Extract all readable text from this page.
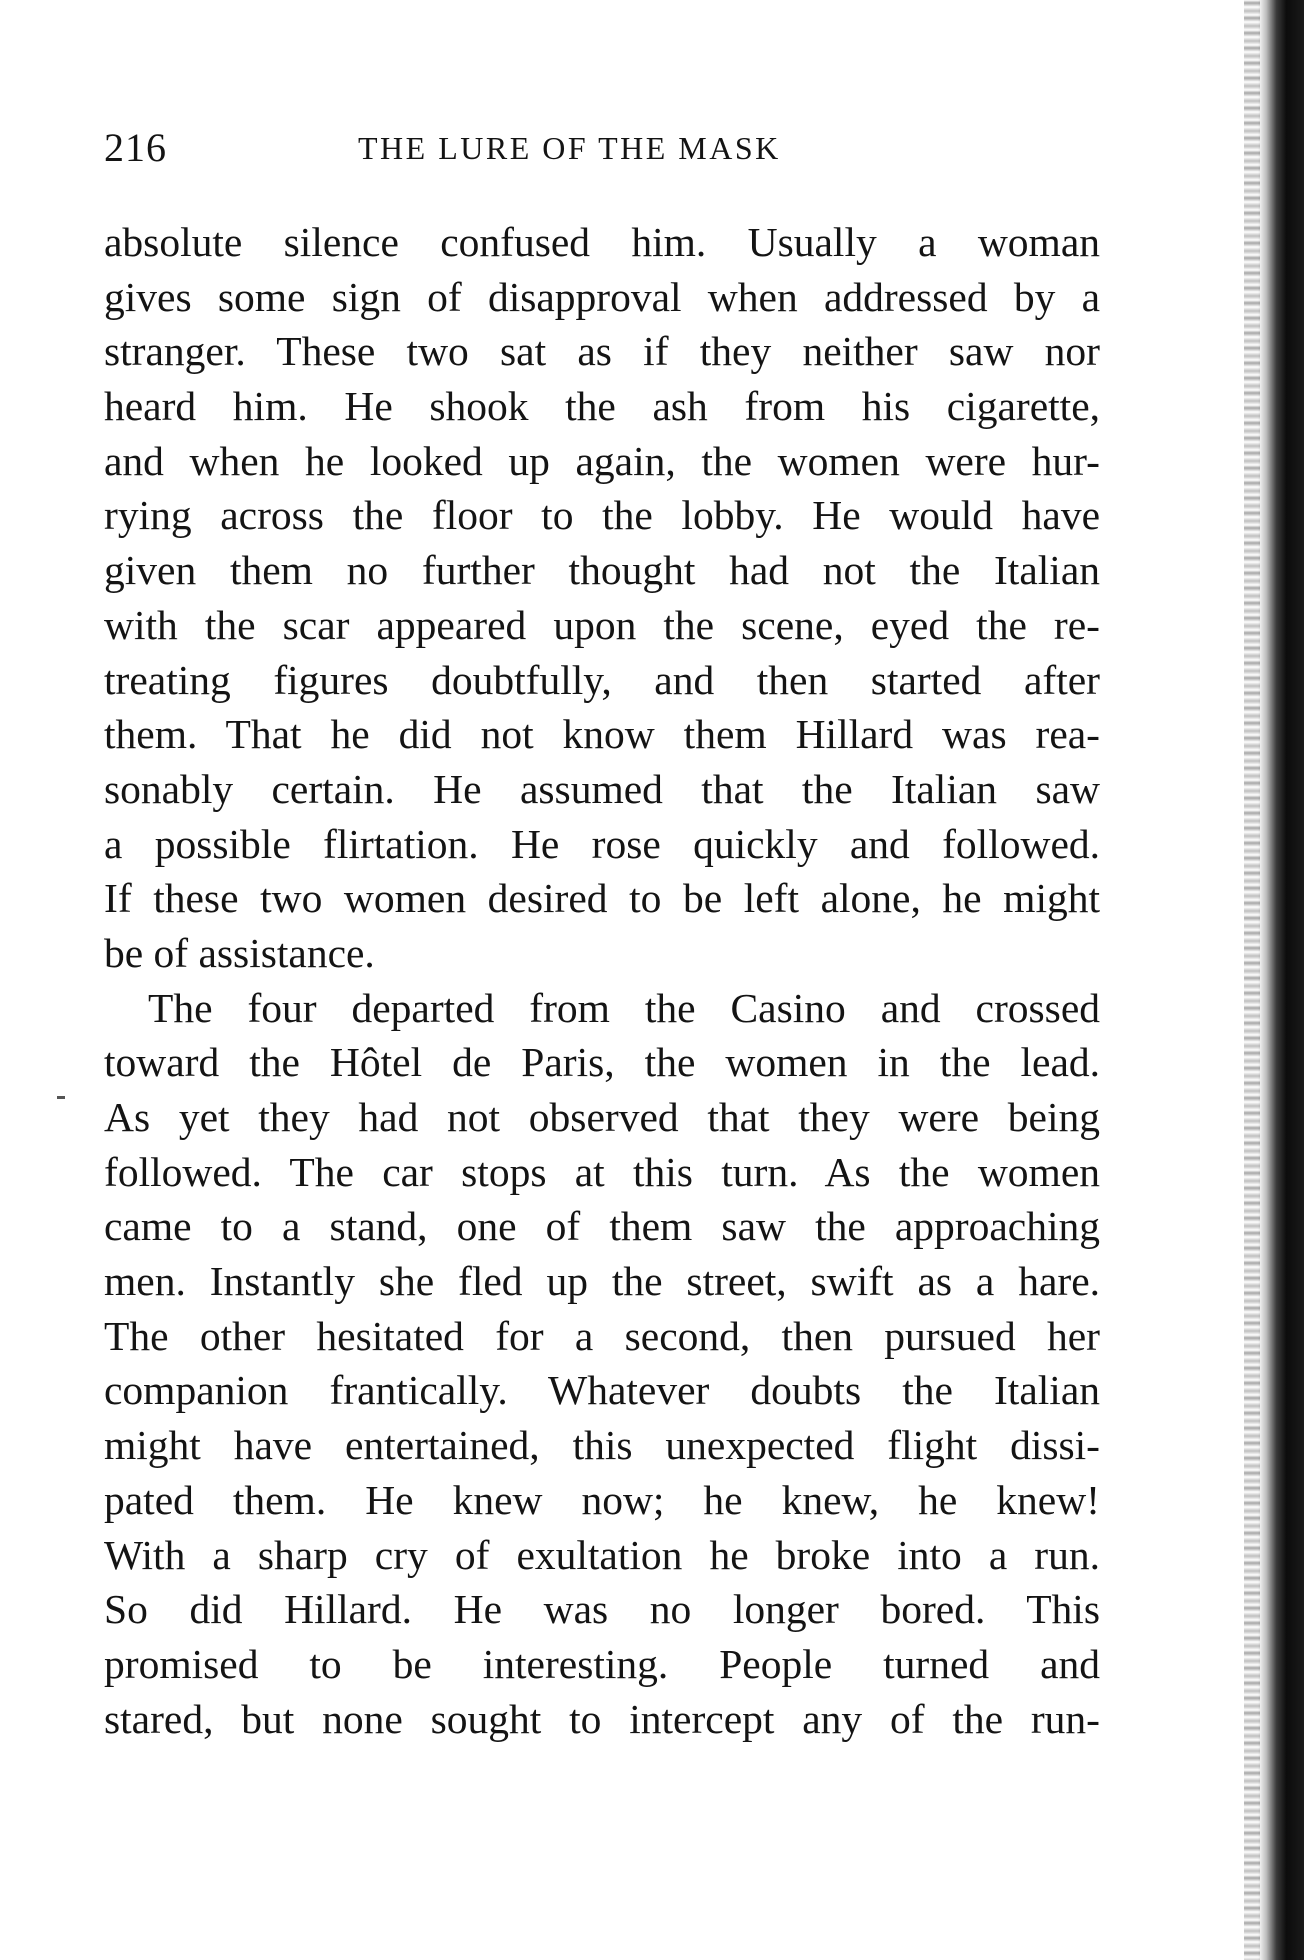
216	THE LURE OF THE MASK
absolute silence confused him. Usually a woman
gives some sign of disapproval when addressed by a
stranger. These two sat as if they neither saw nor
heard him. He shook the ash from his cigarette,
and when he looked up again, the women were hur-
rying across the floor to the lobby. He would have
given them no further thought had not the Italian
with the scar appeared upon the scene, eyed the re-
treating figures doubtfully, and then started after
them. That he did not know them Hillard was rea-
sonably certain. He assumed that the Italian saw
a possible flirtation. He rose quickly and followed.
If these two women desired to be left alone, he might
be of assistance.
The four departed from the Casino and crossed
toward the Hôtel de Paris, the women in the lead.
As yet they had not observed that they were being
followed. The car stops at this turn. As the women
came to a stand, one of them saw the approaching
men. Instantly she fled up the street, swift as a hare.
The other hesitated for a second, then pursued her
companion frantically. Whatever doubts the Italian
might have entertained, this unexpected flight dissi-
pated them. He knew now; he knew, he knew!
With a sharp cry of exultation he broke into a run.
So did Hillard. He was no longer bored. This
promised to be interesting. People turned and
stared, but none sought to intercept any of the run-
